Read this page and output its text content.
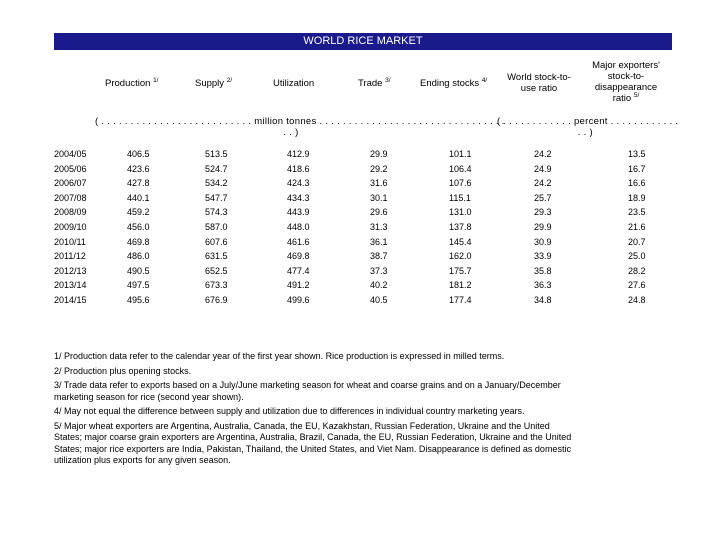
WORLD RICE MARKET
Production $^{1/}$	Supply $^{2/}$	Utilization	Trade $^{3/}$	Ending stocks $^{4/}$	World stock-to-
use ratio
Major exporters'
stock-to-
disappearance
ratio $^{5/}$
( . . . . . . . . . . . . . . . . . . . . . . . . . . million tonnes . . . . . . . . . . . . . . . . . . . . . . . . . . . . . . . .
. . )
( . . . . . . . . . . . . percent . . . . . . . . . . . .
. . )
2004/05	406.5	513.5	412.9	29.9	101.1	24.2	13.5
2005/06	423.6	524.7	418.6	29.2	106.4	24.9	16.7
2006/07	427.8	534.2	424.3	31.6	107.6	24.2	16.6
2007/08	440.1	547.7	434.3	30.1	115.1	25.7	18.9
2008/09	459.2	574.3	443.9	29.6	131.0	29.3	23.5
2009/10	456.0	587.0	448.0	31.3	137.8	29.9	21.6
2010/11	469.8	607.6	461.6	36.1	145.4	30.9	20.7
2011/12	486.0	631.5	469.8	38.7	162.0	33.9	25.0
2012/13	490.5	652.5	477.4	37.3	175.7	35.8	28.2
2013/14	497.5	673.3	491.2	40.2	181.2	36.3	27.6
2014/15	495.6	676.9	499.6	40.5	177.4	34.8	24.8
1/ Production data refer to the calendar year of the first year shown. Rice production is expressed in milled terms.
2/ Production plus opening stocks.
3/ Trade data refer to exports based on a July/June marketing season for wheat and coarse grains and on a January/December marketing season for rice (second year shown).
4/ May not equal the difference between supply and utilization due to differences in individual country marketing years.
5/ Major wheat exporters are Argentina, Australia, Canada, the EU, Kazakhstan, Russian Federation, Ukraine and the United States; major coarse grain exporters are Argentina, Australia, Brazil, Canada, the EU, Russian Federation, Ukraine and the United States; major rice exporters are India, Pakistan, Thailand, the United States, and Viet Nam. Disappearance is defined as domestic utilization plus exports for any given season.
